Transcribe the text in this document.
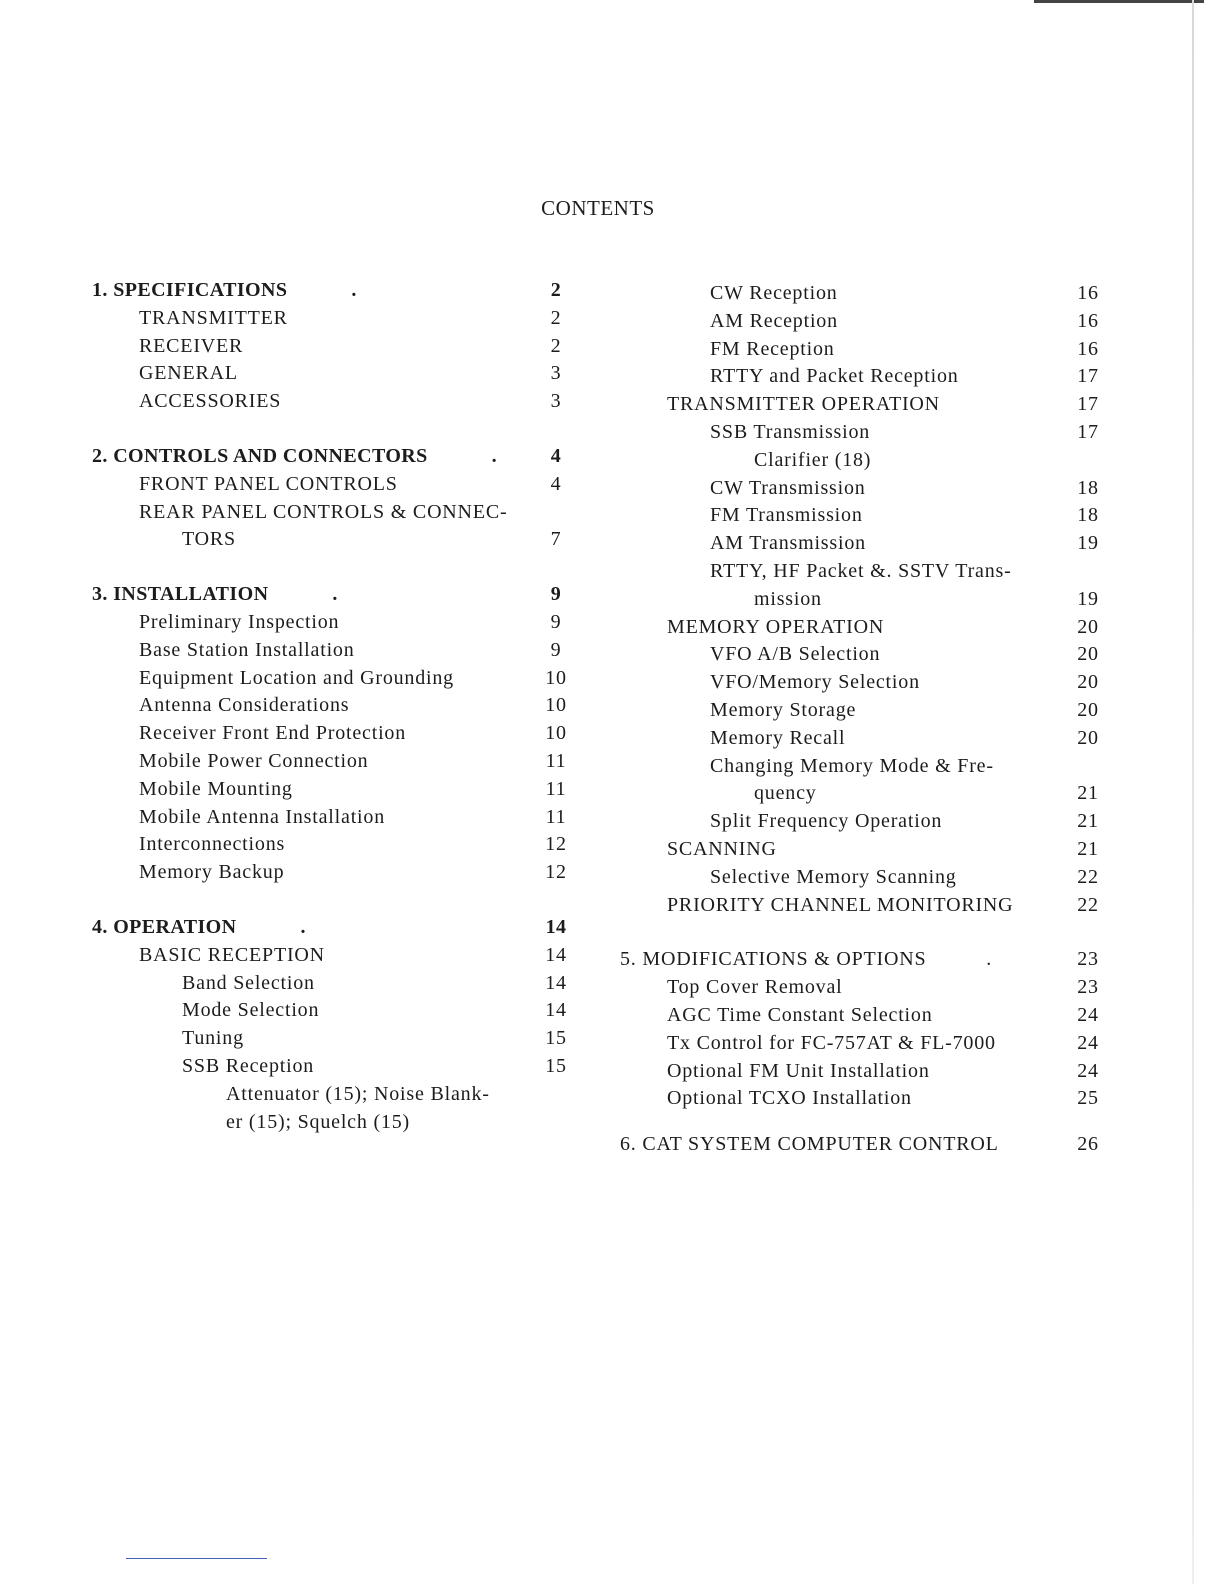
CONTENTS
1. SPECIFICATIONS	.	2
TRANSMITTER	2
RECEIVER	2
GENERAL	3
ACCESSORIES	3
2. CONTROLS AND CONNECTORS	.	4
FRONT PANEL CONTROLS	4
REAR PANEL CONTROLS & CONNEC-
TORS	7
3. INSTALLATION	.	9
Preliminary Inspection	9
Base Station Installation	9
Equipment Location and Grounding	10
Antenna Considerations	10
Receiver Front End Protection	10
Mobile Power Connection	11
Mobile Mounting	11
Mobile Antenna Installation	11
Interconnections	12
Memory Backup	12
4. OPERATION	.	14
BASIC RECEPTION	14
Band Selection	14
Mode Selection	14
Tuning	15
SSB Reception	15
Attenuator (15); Noise Blank-
er (15); Squelch (15)
CW Reception	16
AM Reception	16
FM Reception	16
RTTY and Packet Reception	17
TRANSMITTER OPERATION	17
SSB Transmission	17
Clarifier (18)
CW Transmission	18
FM Transmission	18
AM Transmission	19
RTTY, HF Packet &. SSTV Trans-
mission	19
MEMORY OPERATION	20
VFO A/B Selection	20
VFO/Memory Selection	20
Memory Storage	20
Memory Recall	20
Changing Memory Mode & Fre-
quency	21
Split Frequency Operation	21
SCANNING	21
Selective Memory Scanning	22
PRIORITY CHANNEL MONITORING	22
5. MODIFICATIONS & OPTIONS	.	23
Top Cover Removal	23
AGC Time Constant Selection	24
Tx Control for FC-757AT & FL-7000	24
Optional FM Unit Installation	24
Optional TCXO Installation	25
6. CAT SYSTEM COMPUTER CONTROL	26
